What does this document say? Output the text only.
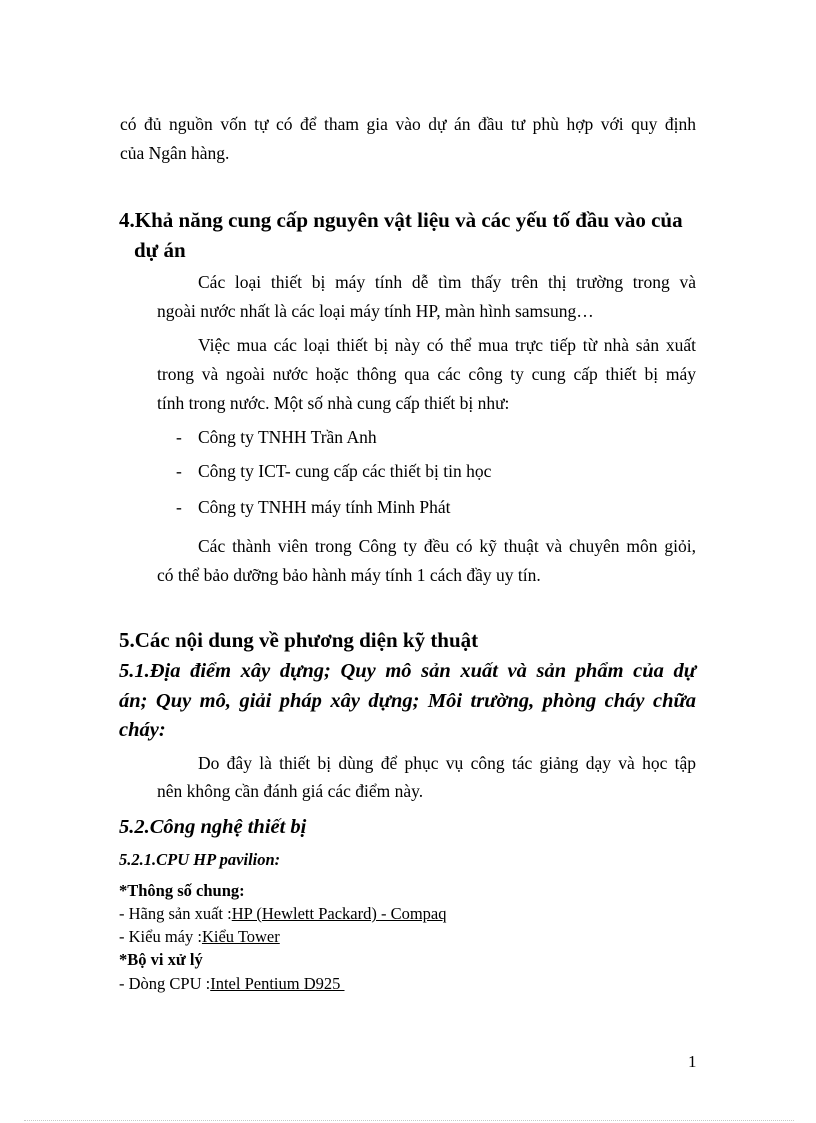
có đủ nguồn vốn tự có để tham gia vào dự án đầu tư phù hợp với quy định
của Ngân hàng.
4.Khả năng cung cấp nguyên vật liệu và các yếu tố đầu vào của
dự án
Các loại thiết bị máy tính dễ tìm thấy trên thị trường trong và
ngoài nước nhất là các loại máy tính HP, màn hình samsung…
Việc mua các loại thiết bị này có thể mua trực tiếp từ nhà sản xuất
trong và ngoài nước hoặc thông qua các công ty cung cấp thiết bị máy
tính trong nước. Một số nhà cung cấp thiết bị như:
- Công ty TNHH Trần Anh
- Công ty ICT- cung cấp các thiết bị tin học
- Công ty TNHH máy tính Minh Phát
Các thành viên trong Công ty đều có kỹ thuật và chuyên môn giỏi,
có thể bảo dưỡng bảo hành máy tính 1 cách đầy uy tín.
5.Các nội dung về phương diện kỹ thuật
5.1.Địa điểm xây dựng; Quy mô sản xuất và sản phẩm của dự
án; Quy mô, giải pháp xây dựng; Môi trường, phòng cháy chữa
cháy:
Do đây là thiết bị dùng để phục vụ công tác giảng dạy và học tập
nên không cần đánh giá các điểm này.
5.2.Công nghệ thiết bị
5.2.1.CPU HP pavilion:
*Thông số chung:
- Hãng sản xuất :HP (Hewlett Packard) - Compaq
- Kiểu máy :Kiểu Tower
*Bộ vi xử lý
- Dòng CPU :Intel Pentium D925
1
